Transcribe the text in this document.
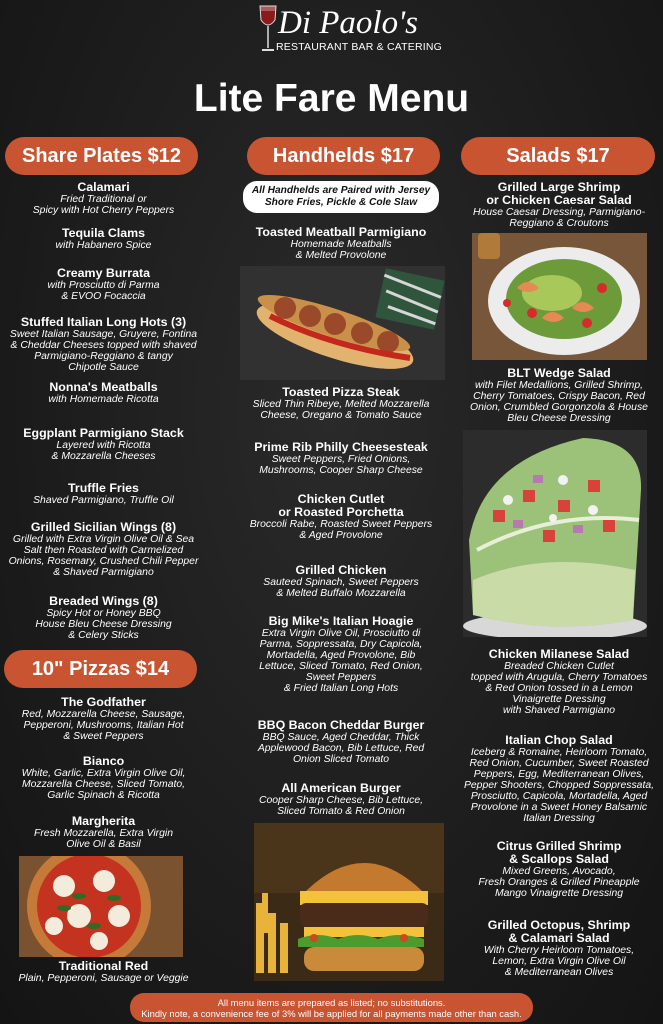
Di Paolo's
RESTAURANT BAR & CATERING
Lite Fare Menu
Share Plates $12	Handhelds $17	Salads $17
10" Pizzas $14
All Handhelds are Paired with Jersey Shore Fries, Pickle & Cole Slaw
Calamari
Fried Traditional or
Spicy with Hot Cherry Peppers
Tequila Clams
with Habanero Spice
Creamy Burrata
with Prosciutto di Parma
& EVOO Focaccia
Stuffed Italian Long Hots (3)
Sweet Italian Sausage, Gruyere, Fontina
& Cheddar Cheeses topped with shaved
Parmigiano-Reggiano & tangy
Chipotle Sauce
Nonna's Meatballs
with Homemade Ricotta
Eggplant Parmigiano Stack
Layered with Ricotta
& Mozzarella Cheeses
Truffle Fries
Shaved Parmigiano, Truffle Oil
Grilled Sicilian Wings (8)
Grilled with Extra Virgin Olive Oil & Sea
Salt then Roasted with Carmelized
Onions, Rosemary, Crushed Chili Pepper
& Shaved Parmigiano
Breaded Wings (8)
Spicy Hot or Honey BBQ
House Bleu Cheese Dressing
& Celery Sticks
The Godfather
Red, Mozzarella Cheese, Sausage,
Pepperoni, Mushrooms, Italian Hot
& Sweet Peppers
Bianco
White, Garlic, Extra Virgin Olive Oil,
Mozzarella Cheese, Sliced Tomato,
Garlic Spinach & Ricotta
Margherita
Fresh Mozzarella, Extra Virgin
Olive Oil & Basil
Traditional Red
Plain, Pepperoni, Sausage or Veggie
Toasted Meatball Parmigiano
Homemade Meatballs
& Melted Provolone
Toasted Pizza Steak
Sliced Thin Ribeye, Melted Mozzarella
Cheese, Oregano & Tomato Sauce
Prime Rib Philly Cheesesteak
Sweet Peppers, Fried Onions,
Mushrooms, Cooper Sharp Cheese
Chicken Cutlet
or Roasted Porchetta
Broccoli Rabe, Roasted Sweet Peppers
& Aged Provolone
Grilled Chicken
Sauteed Spinach, Sweet Peppers
& Melted Buffalo Mozzarella
Big Mike's Italian Hoagie
Extra Virgin Olive Oil, Prosciutto di
Parma, Soppressata, Dry Capicola,
Mortadella, Aged Provolone, Bib
Lettuce, Sliced Tomato, Red Onion,
Sweet Peppers
& Fried Italian Long Hots
BBQ Bacon Cheddar Burger
BBQ Sauce, Aged Cheddar, Thick
Applewood Bacon, Bib Lettuce, Red
Onion Sliced Tomato
All American Burger
Cooper Sharp Cheese, Bib Lettuce,
Sliced Tomato & Red Onion
Grilled Large Shrimp
or Chicken Caesar Salad
House Caesar Dressing, Parmigiano-
Reggiano & Croutons
BLT Wedge Salad
with Filet Medallions, Grilled Shrimp,
Cherry Tomatoes, Crispy Bacon, Red
Onion, Crumbled Gorgonzola & House
Bleu Cheese Dressing
Chicken Milanese Salad
Breaded Chicken Cutlet
topped with Arugula, Cherry Tomatoes
& Red Onion tossed in a Lemon
Vinaigrette Dressing
with Shaved Parmigiano
Italian Chop Salad
Iceberg & Romaine, Heirloom Tomato,
Red Onion, Cucumber, Sweet Roasted
Peppers, Egg, Mediterranean Olives,
Pepper Shooters, Chopped Soppressata,
Prosciutto, Capicola, Mortadella, Aged
Provolone in a Sweet Honey Balsamic
Italian Dressing
Citrus Grilled Shrimp
& Scallops Salad
Mixed Greens, Avocado,
Fresh Oranges & Grilled Pineapple
Mango Vinaigrette Dressing
Grilled Octopus, Shrimp
& Calamari Salad
With Cherry Heirloom Tomatoes,
Lemon, Extra Virgin Olive Oil
& Mediterranean Olives
All menu items are prepared as listed; no substitutions.
Kindly note, a convenience fee of 3% will be applied for all payments made other than cash.
